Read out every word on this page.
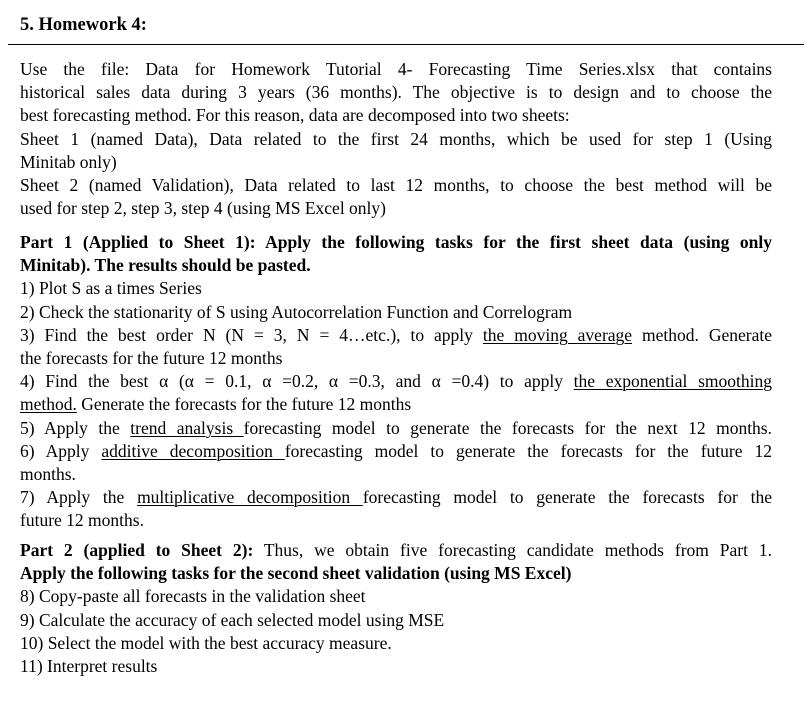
5. Homework 4:
Use the file: Data for Homework Tutorial 4- Forecasting Time Series.xlsx that contains
historical sales data during 3 years (36 months). The objective is to design and to choose the
best forecasting method. For this reason, data are decomposed into two sheets:
Sheet 1 (named Data), Data related to the first 24 months, which be used for step 1 (Using
Minitab only)
Sheet 2 (named Validation), Data related to last 12 months, to choose the best method will be
used for step 2, step 3, step 4 (using MS Excel only)
Part 1 (Applied to Sheet 1): Apply the following tasks for the first sheet data (using only
Minitab). The results should be pasted.
1) Plot S as a times Series
2) Check the stationarity of S using Autocorrelation Function and Correlogram
3) Find the best order N (N = 3, N = 4…etc.), to apply the moving average method. Generate
the forecasts for the future 12 months
4) Find the best α (α = 0.1, α =0.2, α =0.3, and α =0.4) to apply the exponential smoothing
method. Generate the forecasts for the future 12 months
5) Apply the trend analysis forecasting model to generate the forecasts for the next 12 months.
6) Apply additive decomposition forecasting model to generate the forecasts for the future 12
months.
7) Apply the multiplicative decomposition forecasting model to generate the forecasts for the
future 12 months.
Part 2 (applied to Sheet 2): Thus, we obtain five forecasting candidate methods from Part 1.
Apply the following tasks for the second sheet validation (using MS Excel)
8) Copy-paste all forecasts in the validation sheet
9) Calculate the accuracy of each selected model using MSE
10) Select the model with the best accuracy measure.
11) Interpret results
